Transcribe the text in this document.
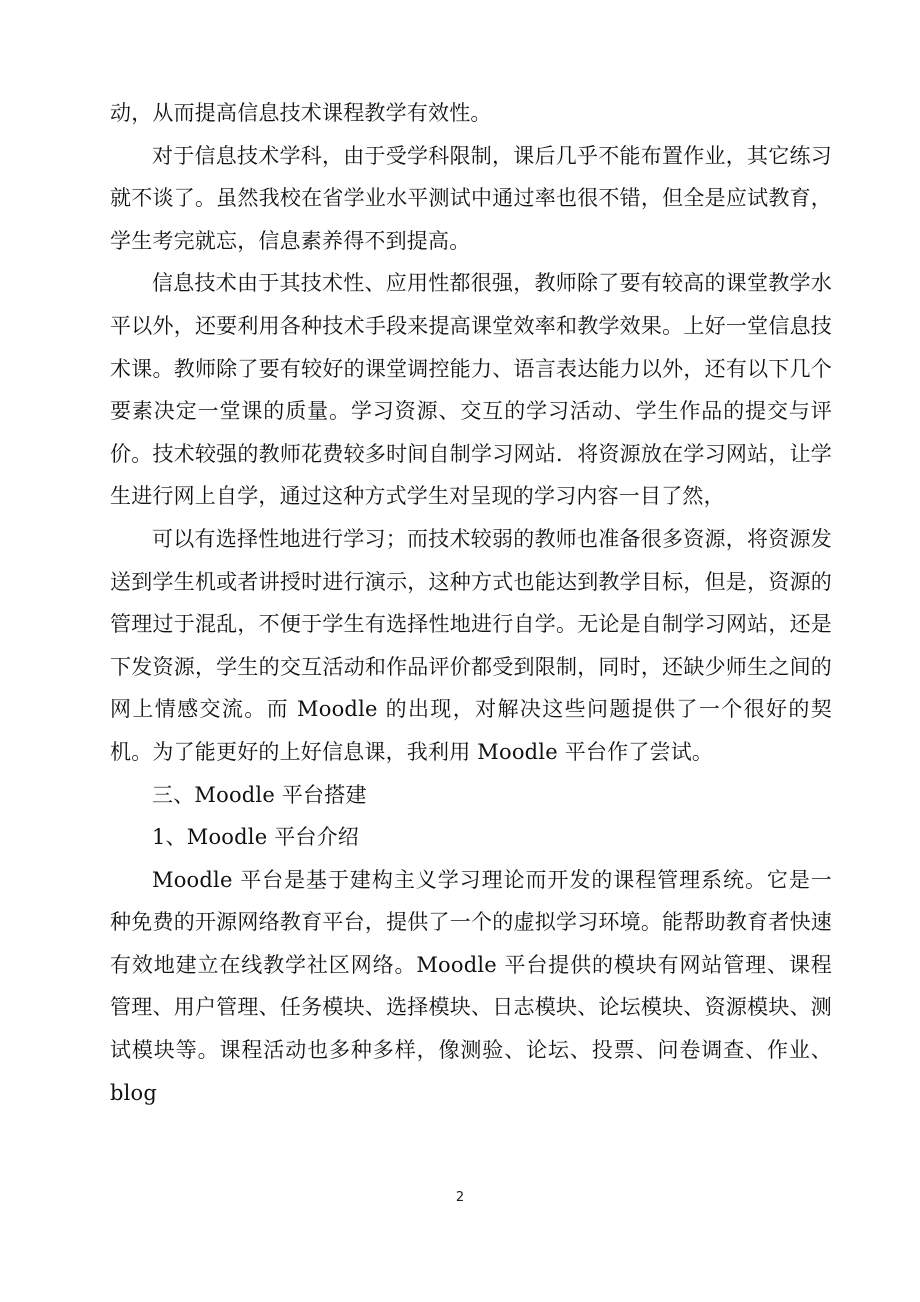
动，从而提高信息技术课程教学有效性。

对于信息技术学科，由于受学科限制，课后几乎不能布置作业，其它练习就不谈了。虽然我校在省学业水平测试中通过率也很不错，但全是应试教育，学生考完就忘，信息素养得不到提高。

信息技术由于其技术性、应用性都很强，教师除了要有较高的课堂教学水平以外，还要利用各种技术手段来提高课堂效率和教学效果。上好一堂信息技术课。教师除了要有较好的课堂调控能力、语言表达能力以外，还有以下几个要素决定一堂课的质量。学习资源、交互的学习活动、学生作品的提交与评价。技术较强的教师花费较多时间自制学习网站．将资源放在学习网站，让学生进行网上自学，通过这种方式学生对呈现的学习内容一目了然，

可以有选择性地进行学习；而技术较弱的教师也准备很多资源，将资源发送到学生机或者讲授时进行演示，这种方式也能达到教学目标，但是，资源的管理过于混乱，不便于学生有选择性地进行自学。无论是自制学习网站，还是下发资源，学生的交互活动和作品评价都受到限制，同时，还缺少师生之间的网上情感交流。而 Moodle 的出现，对解决这些问题提供了一个很好的契机。为了能更好的上好信息课，我利用 Moodle 平台作了尝试。

三、Moodle 平台搭建

1、Moodle 平台介绍

Moodle 平台是基于建构主义学习理论而开发的课程管理系统。它是一种免费的开源网络教育平台，提供了一个的虚拟学习环境。能帮助教育者快速有效地建立在线教学社区网络。Moodle 平台提供的模块有网站管理、课程管理、用户管理、任务模块、选择模块、日志模块、论坛模块、资源模块、测试模块等。课程活动也多种多样，像测验、论坛、投票、问卷调查、作业、blog

2
